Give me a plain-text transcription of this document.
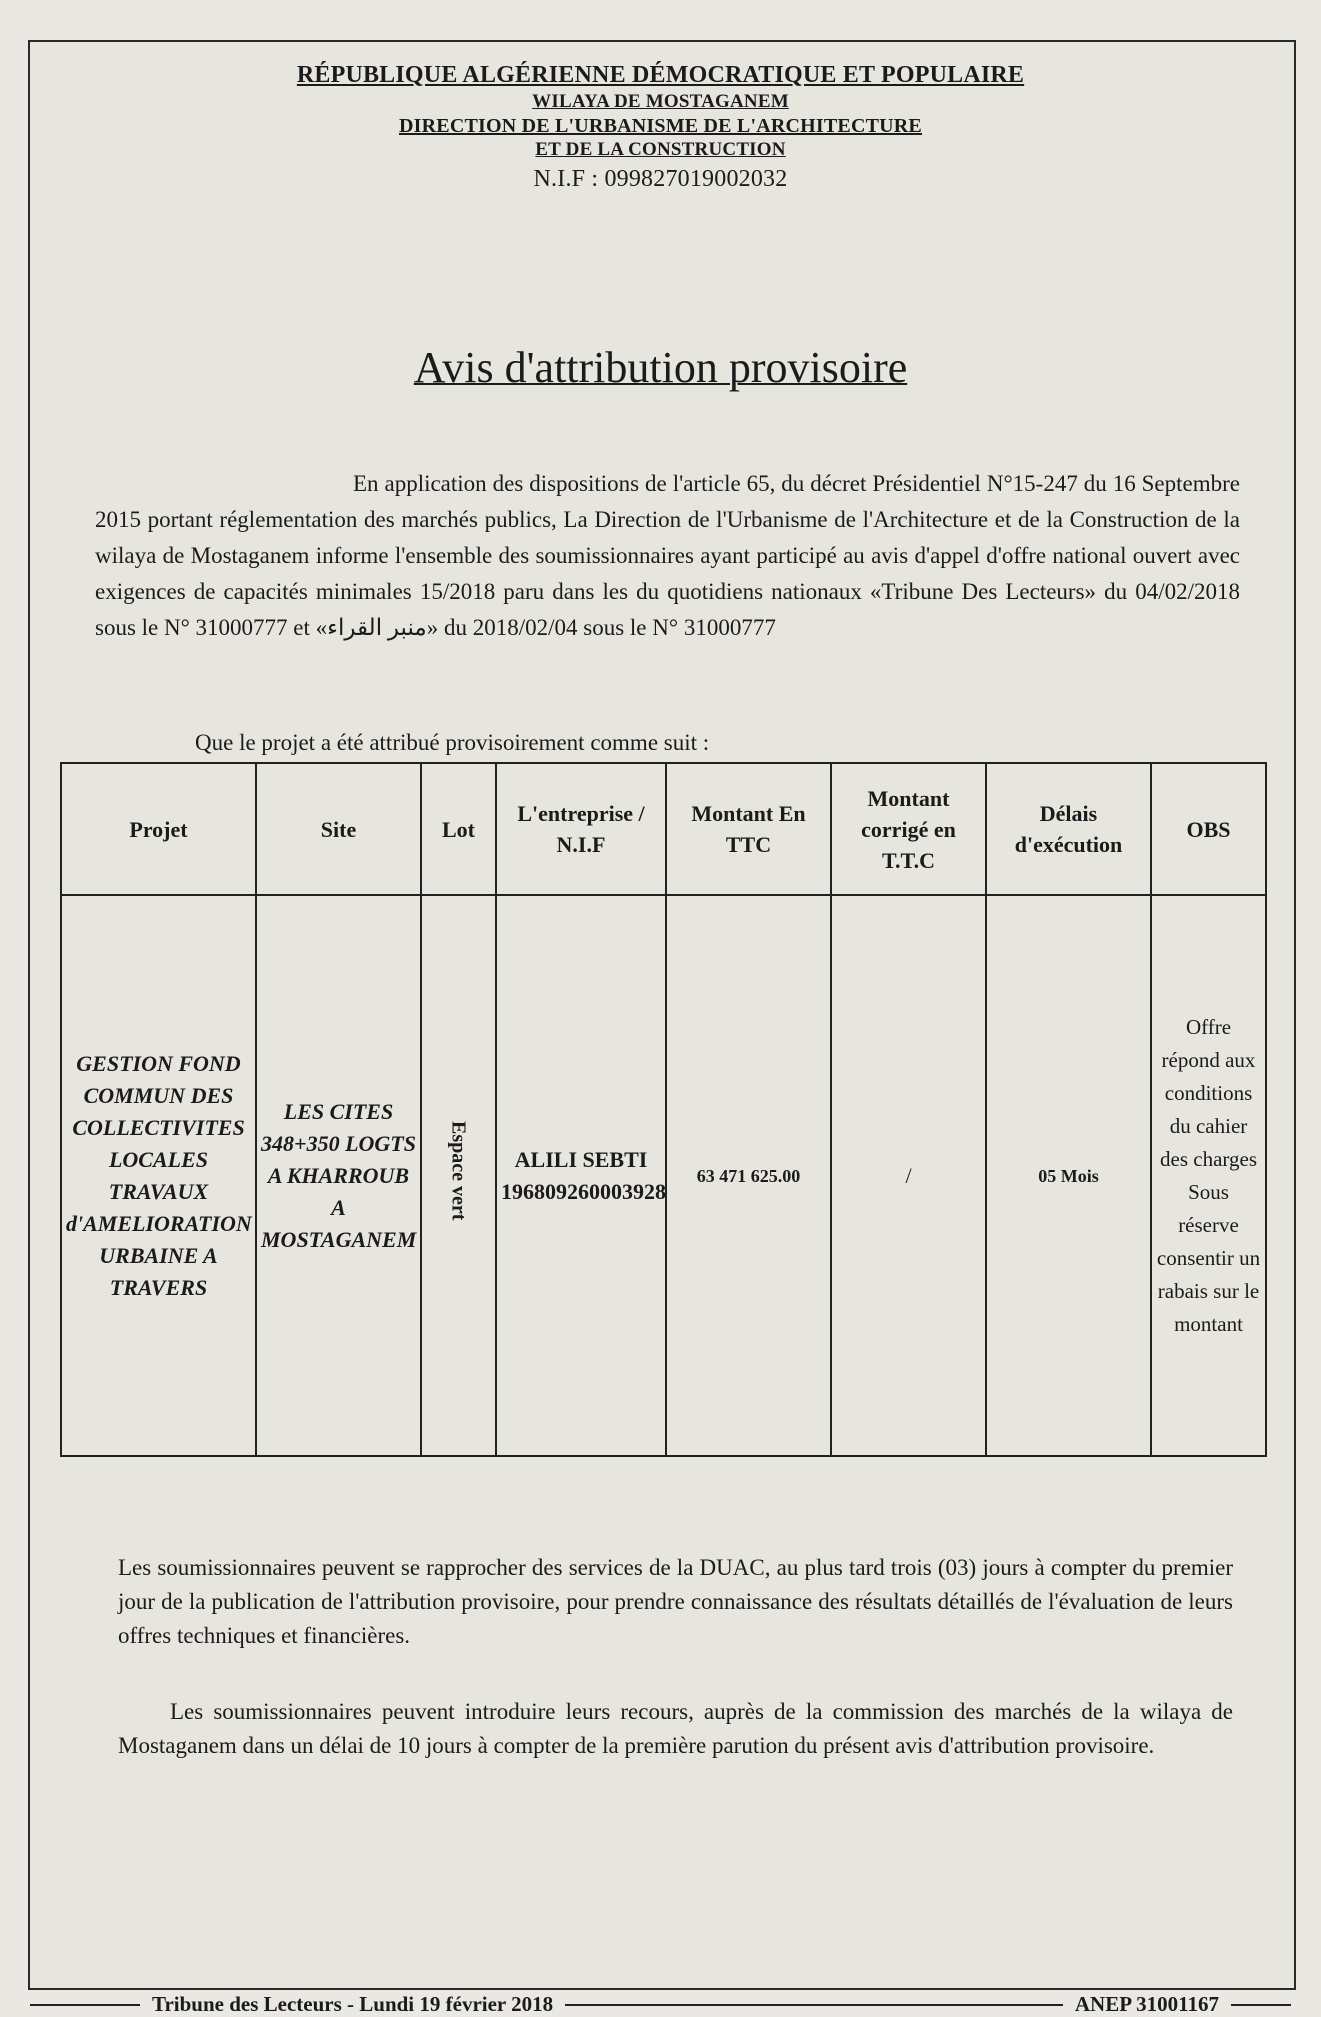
RÉPUBLIQUE ALGÉRIENNE DÉMOCRATIQUE ET POPULAIRE
WILAYA DE MOSTAGANEM
DIRECTION DE L'URBANISME DE L'ARCHITECTURE
ET DE LA CONSTRUCTION
N.I.F : 099827019002032
Avis d'attribution provisoire

En application des dispositions de l'article 65, du décret Présidentiel N°15-247 du 16 Septembre 2015 portant réglementation des marchés publics, La Direction de l'Urbanisme de l'Architecture et de la Construction de la wilaya de Mostaganem informe l'ensemble des soumissionnaires ayant participé au avis d'appel d'offre national ouvert avec exigences de capacités minimales 15/2018 paru dans les du quotidiens nationaux «Tribune Des Lecteurs» du 04/02/2018 sous le N° 31000777 et «منبر القراء» du 2018/02/04 sous le N° 31000777

Que le projet a été attribué provisoirement comme suit :
Projet	Site	Lot	L'entreprise / N.I.F	Montant En TTC	Montant corrigé en T.T.C	Délais d'exécution	OBS
GESTION FOND COMMUN DES COLLECTIVITES LOCALES TRAVAUX d'AMELIORATION URBAINE A TRAVERS	LES CITES 348+350 LOGTS A KHARROUB A MOSTAGANEM	Espace vert	ALILI SEBTI 196809260003928	63 471 625.00	/	05 Mois	Offre répond aux conditions du cahier des charges Sous réserve consentir un rabais sur le montant
Les soumissionnaires peuvent se rapprocher des services de la DUAC, au plus tard trois (03) jours à compter du premier jour de la publication de l'attribution provisoire, pour prendre connaissance des résultats détaillés de l'évaluation de leurs offres techniques et financières.
Les soumissionnaires peuvent introduire leurs recours, auprès de la commission des marchés de la wilaya de Mostaganem dans un délai de 10 jours à compter de la première parution du présent avis d'attribution provisoire.
Tribune des Lecteurs - Lundi 19 février 2018	ANEP 31001167
